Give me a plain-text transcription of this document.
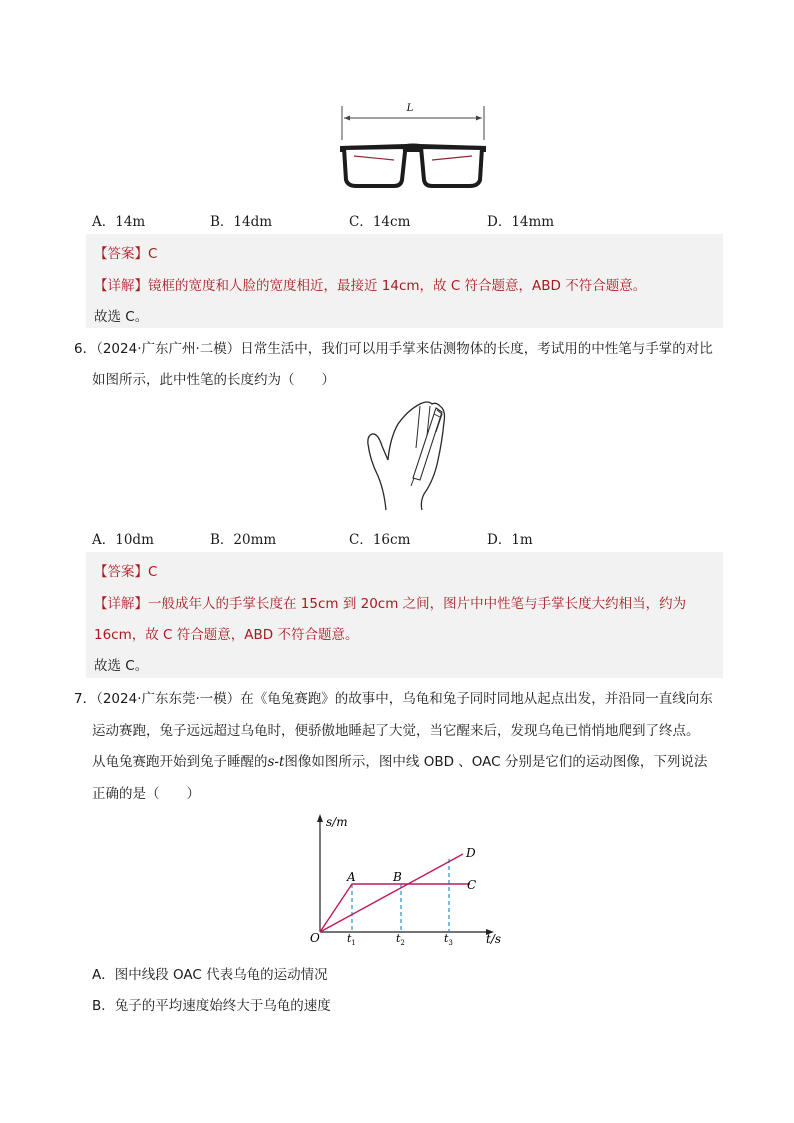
L
A．14m	B．14dm	C．14cm	D．14mm
【答案】C
【详解】镜框的宽度和人脸的宽度相近，最接近 14cm，故 C 符合题意，ABD 不符合题意。
故选 C。
6．（2024·广东广州·二模）日常生活中，我们可以用手掌来估测物体的长度，考试用的中性笔与手掌的对比
如图所示，此中性笔的长度约为（　　）
A．10dm	B．20mm	C．16cm	D．1m
【答案】C
【详解】一般成年人的手掌长度在 15cm 到 20cm 之间，图片中中性笔与手掌长度大约相当，约为
16cm，故 C 符合题意，ABD 不符合题意。
故选 C。
7．（2024·广东东莞·一模）在《龟兔赛跑》的故事中，乌龟和兔子同时同地从起点出发，并沿同一直线向东
运动赛跑，兔子远远超过乌龟时，便骄傲地睡起了大觉，当它醒来后，发现乌龟已悄悄地爬到了终点。
从龟兔赛跑开始到兔子睡醒的s-t图像如图所示，图中线 OBD 、OAC 分别是它们的运动图像，下列说法
正确的是（　　）
s/m
t/s
O
A	B
C
D
$t_1$	$t_2$	$t_3$
A．图中线段 OAC 代表乌龟的运动情况
B．兔子的平均速度始终大于乌龟的速度
